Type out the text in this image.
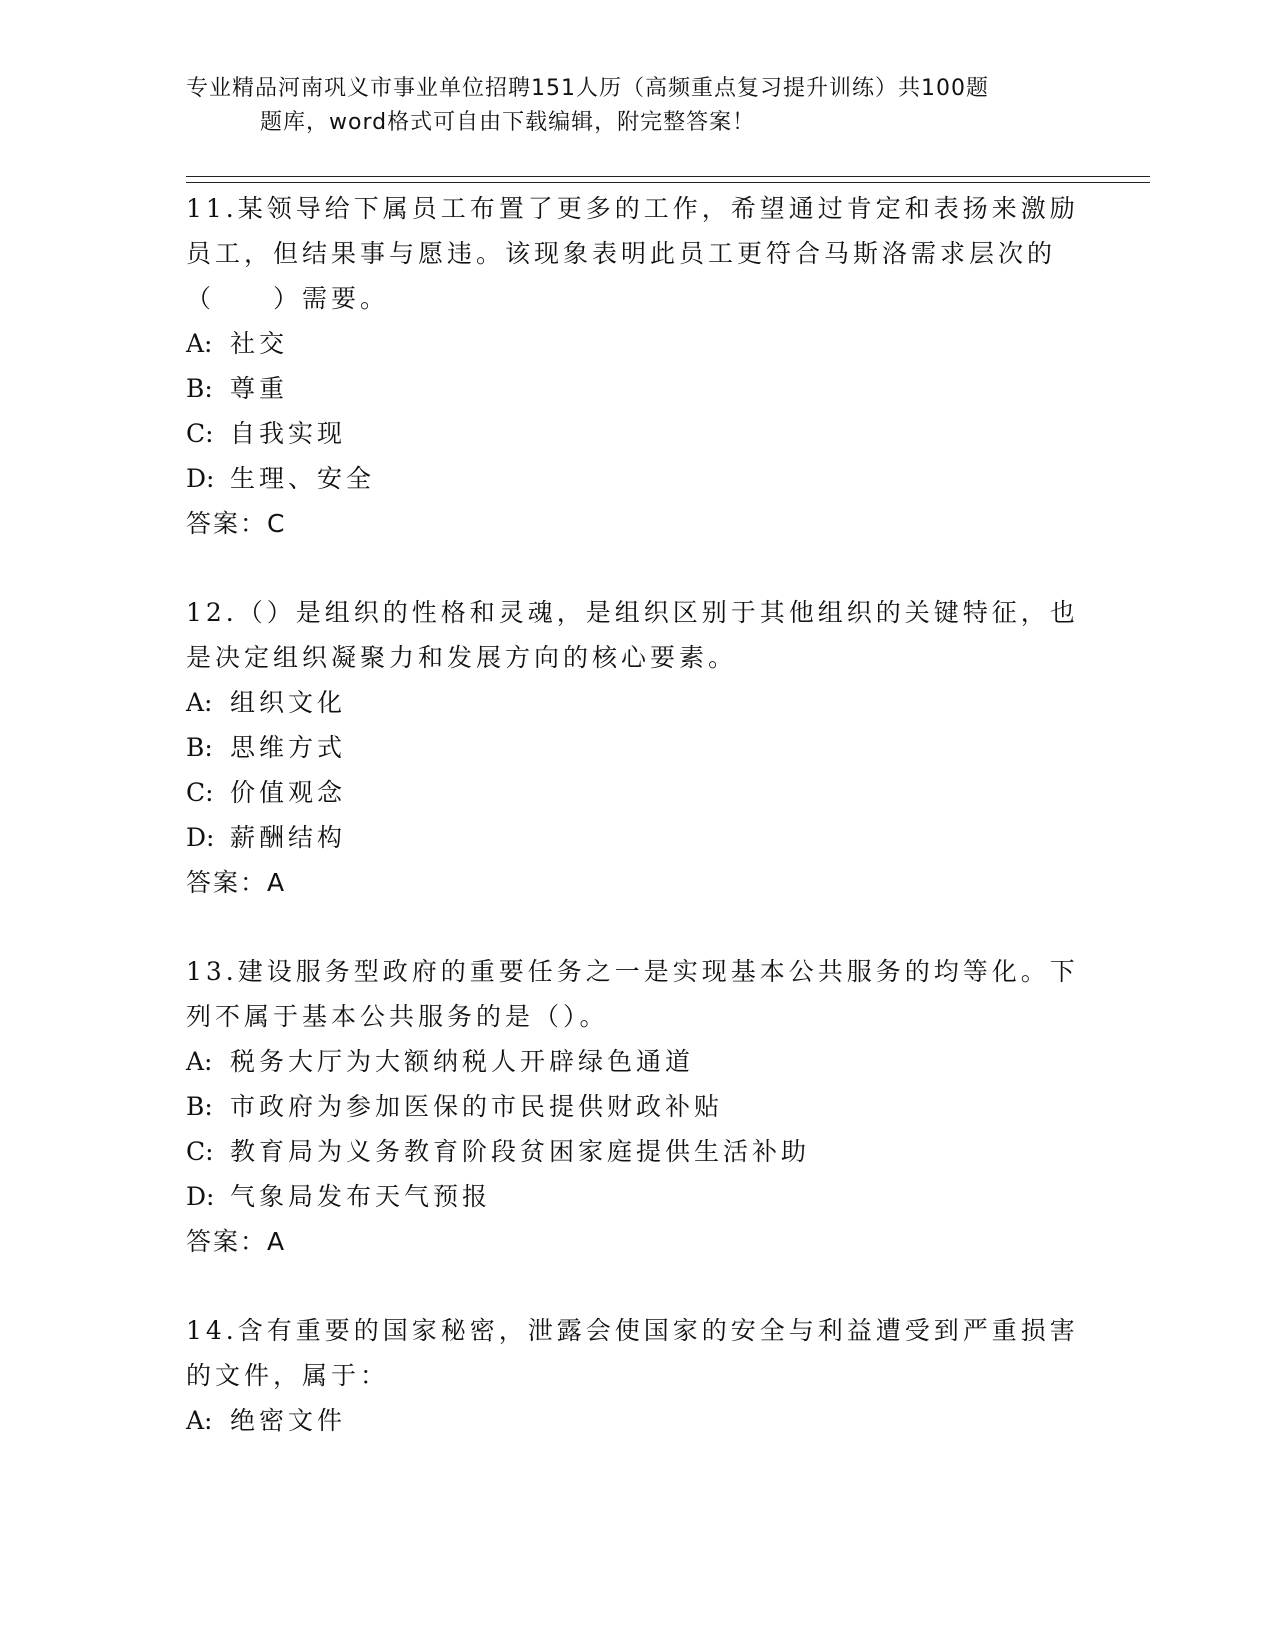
专业精品河南巩义市事业单位招聘151人历（高频重点复习提升训练）共100题
题库，word格式可自由下载编辑，附完整答案！

11.某领导给下属员工布置了更多的工作，希望通过肯定和表扬来激励员工，但结果事与愿违。该现象表明此员工更符合马斯洛需求层次的（　　）需要。

A: 社交

B: 尊重

C: 自我实现

D: 生理、安全

答案：C

12.（）是组织的性格和灵魂，是组织区别于其他组织的关键特征，也是决定组织凝聚力和发展方向的核心要素。

A: 组织文化

B: 思维方式

C: 价值观念

D: 薪酬结构

答案：A

13.建设服务型政府的重要任务之一是实现基本公共服务的均等化。下列不属于基本公共服务的是（）。

A: 税务大厅为大额纳税人开辟绿色通道

B: 市政府为参加医保的市民提供财政补贴

C: 教育局为义务教育阶段贫困家庭提供生活补助

D: 气象局发布天气预报

答案：A

14.含有重要的国家秘密，泄露会使国家的安全与利益遭受到严重损害的文件，属于：

A: 绝密文件
